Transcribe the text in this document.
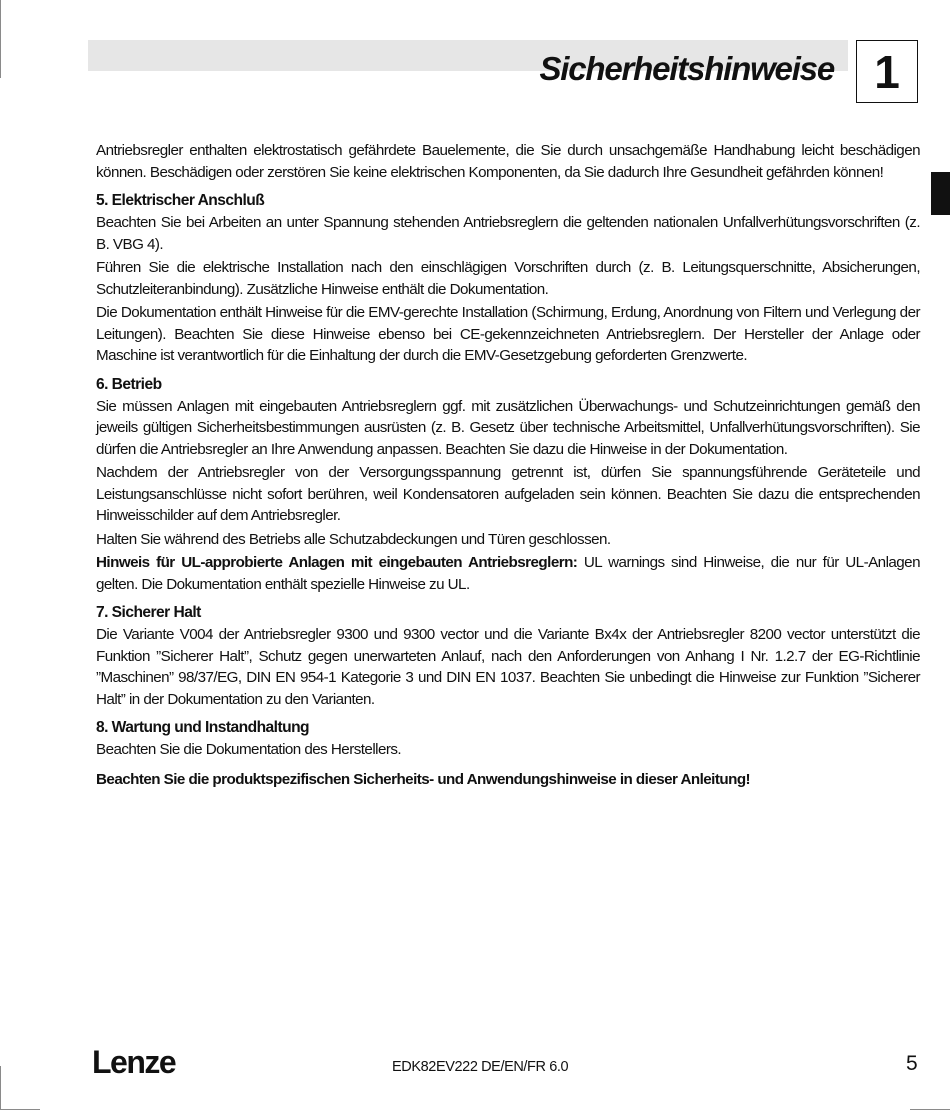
Sicherheitshinweise 1

Antriebsregler enthalten elektrostatisch gefährdete Bauelemente, die Sie durch unsachgemäße Handhabung leicht beschädigen können. Beschädigen oder zerstören Sie keine elektrischen Komponenten, da Sie dadurch Ihre Gesundheit gefährden können!

5. Elektrischer Anschluß

Beachten Sie bei Arbeiten an unter Spannung stehenden Antriebsreglern die geltenden nationalen Unfallverhütungsvorschriften (z. B. VBG 4).

Führen Sie die elektrische Installation nach den einschlägigen Vorschriften durch (z. B. Leitungsquerschnitte, Absicherungen, Schutzleiteranbindung). Zusätzliche Hinweise enthält die Dokumentation.

Die Dokumentation enthält Hinweise für die EMV-gerechte Installation (Schirmung, Erdung, Anordnung von Filtern und Verlegung der Leitungen). Beachten Sie diese Hinweise ebenso bei CE-gekennzeichneten Antriebsreglern. Der Hersteller der Anlage oder Maschine ist verantwortlich für die Einhaltung der durch die EMV-Gesetzgebung geforderten Grenzwerte.

6. Betrieb

Sie müssen Anlagen mit eingebauten Antriebsreglern ggf. mit zusätzlichen Überwachungs- und Schutzeinrichtungen gemäß den jeweils gültigen Sicherheitsbestimmungen ausrüsten (z. B. Gesetz über technische Arbeitsmittel, Unfallverhütungsvorschriften). Sie dürfen die Antriebsregler an Ihre Anwendung anpassen. Beachten Sie dazu die Hinweise in der Dokumentation.

Nachdem der Antriebsregler von der Versorgungsspannung getrennt ist, dürfen Sie spannungsführende Geräteteile und Leistungsanschlüsse nicht sofort berühren, weil Kondensatoren aufgeladen sein können. Beachten Sie dazu die entsprechenden Hinweisschilder auf dem Antriebsregler.

Halten Sie während des Betriebs alle Schutzabdeckungen und Türen geschlossen.

Hinweis für UL-approbierte Anlagen mit eingebauten Antriebsreglern: UL warnings sind Hinweise, die nur für UL-Anlagen gelten. Die Dokumentation enthält spezielle Hinweise zu UL.

7. Sicherer Halt

Die Variante V004 der Antriebsregler 9300 und 9300 vector und die Variante Bx4x der Antriebsregler 8200 vector unterstützt die Funktion ”Sicherer Halt”, Schutz gegen unerwarteten Anlauf, nach den Anforderungen von Anhang I Nr. 1.2.7 der EG-Richtlinie ”Maschinen” 98/37/EG, DIN EN 954-1 Kategorie 3 und DIN EN 1037. Beachten Sie unbedingt die Hinweise zur Funktion ”Sicherer Halt” in der Dokumentation zu den Varianten.

8. Wartung und Instandhaltung

Beachten Sie die Dokumentation des Herstellers.

Beachten Sie die produktspezifischen Sicherheits- und Anwendungshinweise in dieser Anleitung!

Lenze	EDK82EV222 DE/EN/FR 6.0	5
